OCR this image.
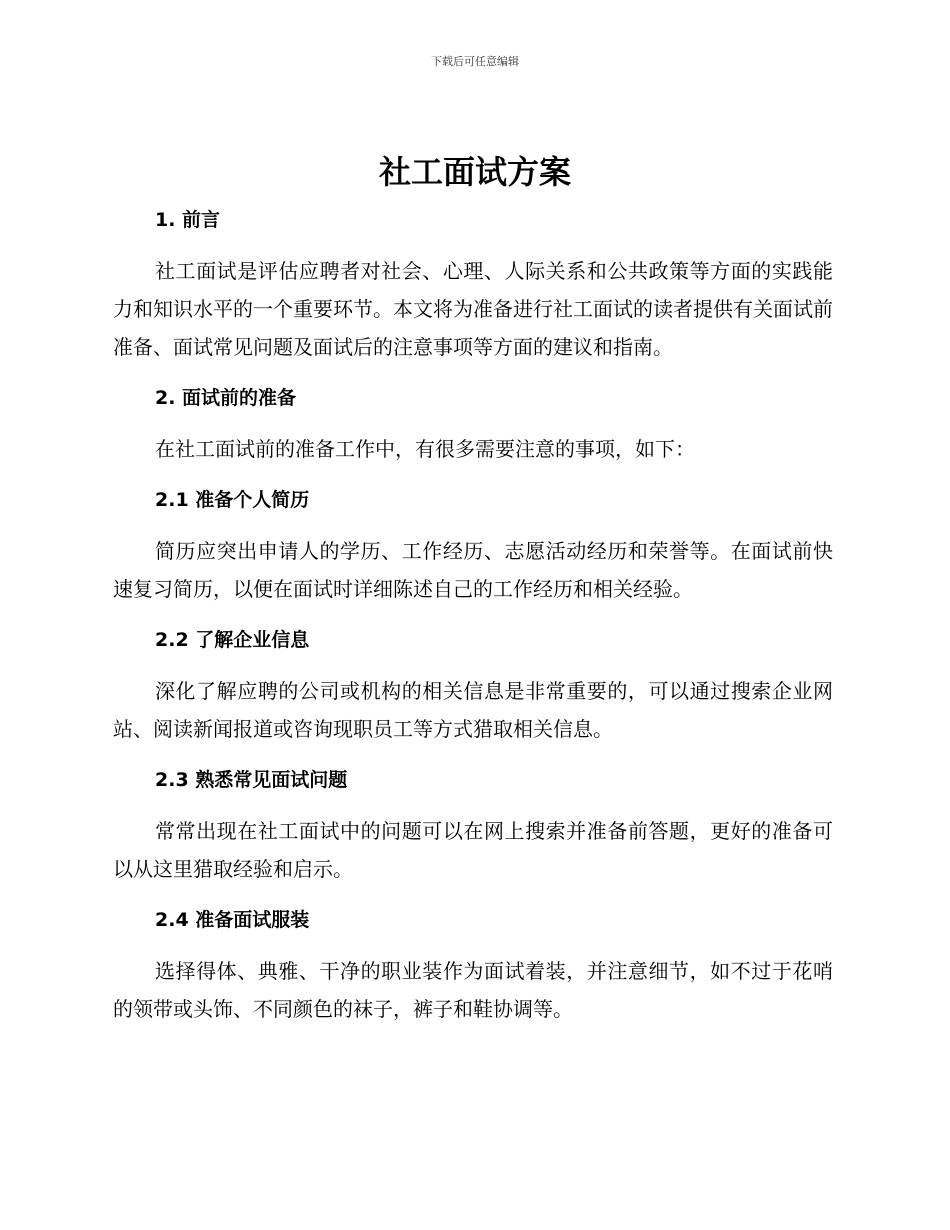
下载后可任意编辑
社工面试方案
1. 前言

社工面试是评估应聘者对社会、心理、人际关系和公共政策等方面的实践能力和知识水平的一个重要环节。本文将为准备进行社工面试的读者提供有关面试前准备、面试常见问题及面试后的注意事项等方面的建议和指南。

2. 面试前的准备

在社工面试前的准备工作中，有很多需要注意的事项，如下：

2.1 准备个人简历

简历应突出申请人的学历、工作经历、志愿活动经历和荣誉等。在面试前快速复习简历，以便在面试时详细陈述自己的工作经历和相关经验。

2.2 了解企业信息

深化了解应聘的公司或机构的相关信息是非常重要的，可以通过搜索企业网站、阅读新闻报道或咨询现职员工等方式猎取相关信息。

2.3 熟悉常见面试问题

常常出现在社工面试中的问题可以在网上搜索并准备前答题，更好的准备可以从这里猎取经验和启示。

2.4 准备面试服装

选择得体、典雅、干净的职业装作为面试着装，并注意细节，如不过于花哨的领带或头饰、不同颜色的袜子，裤子和鞋协调等。
